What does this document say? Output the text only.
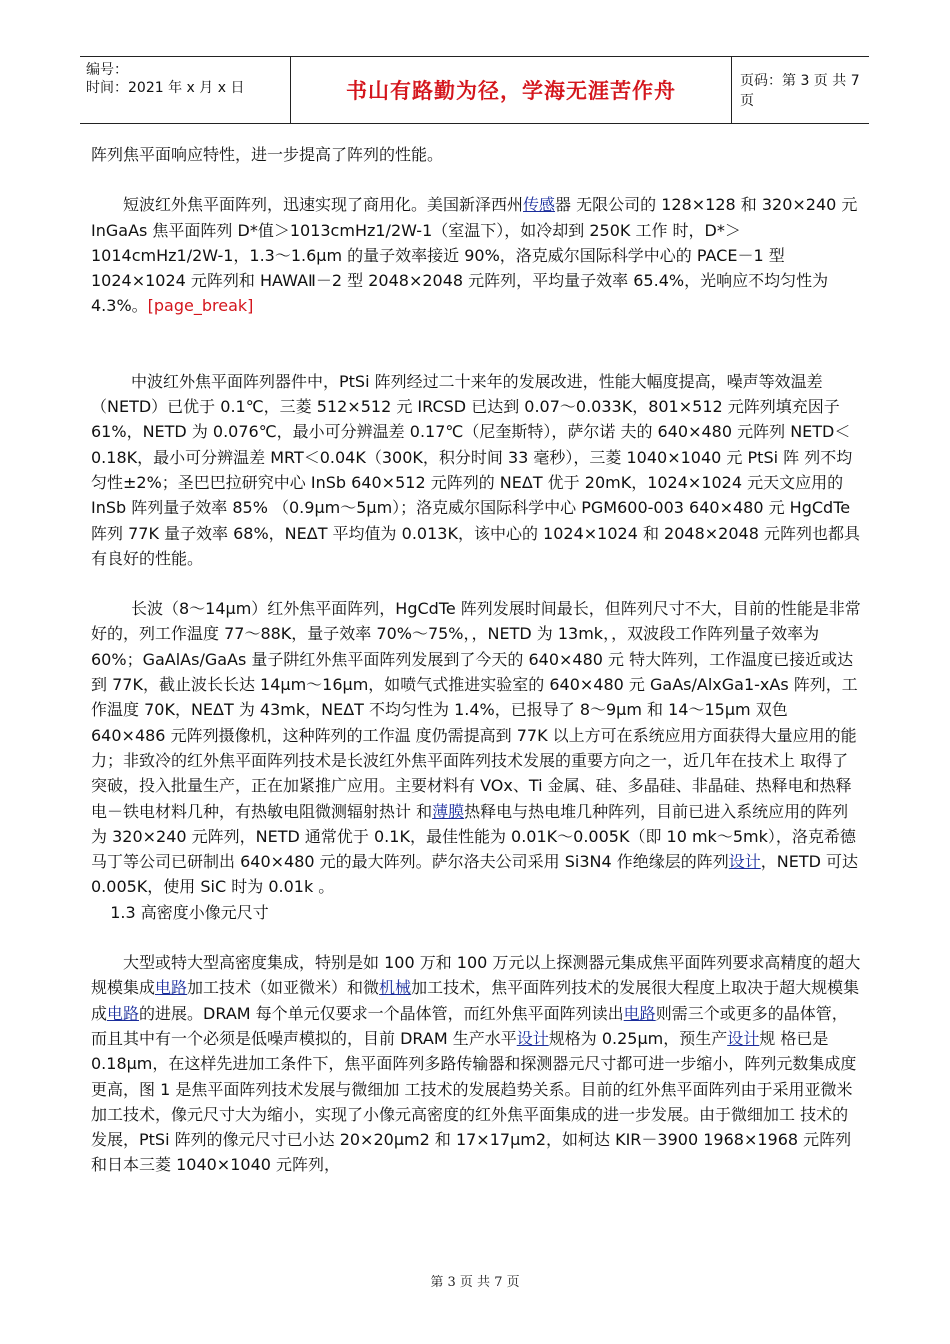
编号：
时间：2021 年 x 月 x 日	书山有路勤为径，学海无涯苦作舟	页码：第 3 页 共 7 页

阵列焦平面响应特性，进一步提高了阵列的性能。

短波红外焦平面阵列，迅速实现了商用化。美国新泽西州传感器 无限公司的 128×128 和 320×240 元 InGaAs 焦平面阵列 D*值＞1013cmHz1/2W-1（室温下），如冷却到 250K 工作 时，D*＞1014cmHz1/2W-1，1.3～1.6μm 的量子效率接近 90%，洛克威尔国际科学中心的 PACE－1 型 1024×1024 元阵列和 HAWAⅡ－2 型 2048×2048 元阵列，平均量子效率 65.4%，光响应不均匀性为 4.3%。[page_break]

中波红外焦平面阵列器件中，PtSi 阵列经过二十来年的发展改进，性能大幅度提高，噪声等效温差（NETD）已优于 0.1℃，三菱 512×512 元 IRCSD 已达到 0.07～0.033K，801×512 元阵列填充因子 61%，NETD 为 0.076℃，最小可分辨温差 0.17℃（尼奎斯特），萨尔诺 夫的 640×480 元阵列 NETD＜0.18K，最小可分辨温差 MRT＜0.04K（300K，积分时间 33 毫秒），三菱 1040×1040 元 PtSi 阵 列不均匀性±2%；圣巴巴拉研究中心 InSb 640×512 元阵列的 NEΔT 优于 20mK，1024×1024 元天文应用的 InSb 阵列量子效率 85% （0.9μm～5μm）；洛克威尔国际科学中心 PGM600-003 640×480 元 HgCdTe 阵列 77K 量子效率 68%，NEΔT 平均值为 0.013K，该中心的 1024×1024 和 2048×2048 元阵列也都具有良好的性能。

长波（8～14μm）红外焦平面阵列，HgCdTe 阵列发展时间最长，但阵列尺寸不大，目前的性能是非常好的，列工作温度 77～88K，量子效率 70%～75%，，NETD 为 13mk，，双波段工作阵列量子效率为 60%；GaAlAs/GaAs 量子阱红外焦平面阵列发展到了今天的 640×480 元 特大阵列，工作温度已接近或达到 77K，截止波长长达 14μm～16μm，如喷气式推进实验室的 640×480 元 GaAs/AlxGa1-xAs 阵列，工 作温度 70K，NEΔT 为 43mk，NEΔT 不均匀性为 1.4%，已报导了 8～9μm 和 14～15μm 双色 640×486 元阵列摄像机，这种阵列的工作温 度仍需提高到 77K 以上方可在系统应用方面获得大量应用的能力；非致冷的红外焦平面阵列技术是长波红外焦平面阵列技术发展的重要方向之一，近几年在技术上 取得了突破，投入批量生产，正在加紧推广应用。主要材料有 VOx、Ti 金属、硅、多晶硅、非晶硅、热释电和热释电－铁电材料几种，有热敏电阻微测辐射热计 和薄膜热释电与热电堆几种阵列，目前已进入系统应用的阵列为 320×240 元阵列，NETD 通常优于 0.1K，最佳性能为 0.01K～0.005K（即 10 mk～5mk），洛克希德马丁等公司已研制出 640×480 元的最大阵列。萨尔洛夫公司采用 Si3N4 作绝缘层的阵列设计，NETD 可达 0.005K，使用 SiC 时为 0.01k 。

1.3 高密度小像元尺寸

大型或特大型高密度集成，特别是如 100 万和 100 万元以上探测器元集成焦平面阵列要求高精度的超大规模集成电路加工技术（如亚微米）和微机械加工技术，焦平面阵列技术的发展很大程度上取决于超大规模集成电路的进展。DRAM 每个单元仅要求一个晶体管，而红外焦平面阵列读出电路则需三个或更多的晶体管，而且其中有一个必须是低噪声模拟的，目前 DRAM 生产水平设计规格为 0.25μm，预生产设计规 格已是 0.18μm，在这样先进加工条件下，焦平面阵列多路传输器和探测器元尺寸都可进一步缩小，阵列元数集成度更高，图 1 是焦平面阵列技术发展与微细加 工技术的发展趋势关系。目前的红外焦平面阵列由于采用亚微米加工技术，像元尺寸大为缩小，实现了小像元高密度的红外焦平面集成的进一步发展。由于微细加工 技术的发展，PtSi 阵列的像元尺寸已小达 20×20μm2 和 17×17μm2，如柯达 KIR－3900 1968×1968 元阵列和日本三菱 1040×1040 元阵列，

第 3 页 共 7 页
